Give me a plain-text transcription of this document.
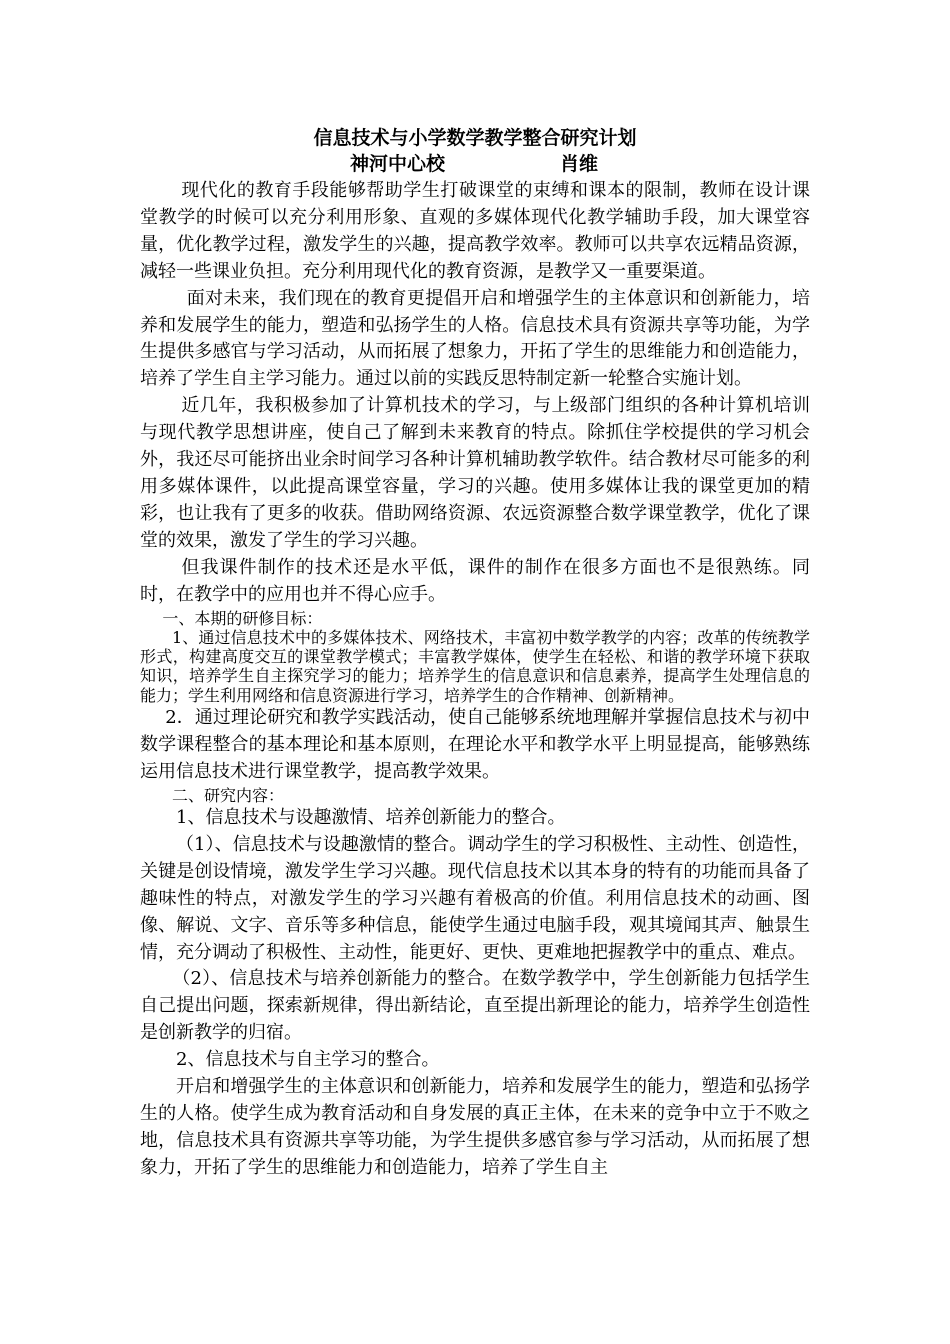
信息技术与小学数学教学整合研究计划
神河中心校	肖维

现代化的教育手段能够帮助学生打破课堂的束缚和课本的限制，教师在设计课堂教学的时候可以充分利用形象、直观的多媒体现代化教学辅助手段，加大课堂容量，优化教学过程，激发学生的兴趣，提高教学效率。教师可以共享农远精品资源，减轻一些课业负担。充分利用现代化的教育资源，是教学又一重要渠道。

面对未来，我们现在的教育更提倡开启和增强学生的主体意识和创新能力，培养和发展学生的能力，塑造和弘扬学生的人格。信息技术具有资源共享等功能，为学生提供多感官与学习活动，从而拓展了想象力，开拓了学生的思维能力和创造能力，培养了学生自主学习能力。通过以前的实践反思特制定新一轮整合实施计划。

近几年，我积极参加了计算机技术的学习，与上级部门组织的各种计算机培训与现代教学思想讲座，使自己了解到未来教育的特点。除抓住学校提供的学习机会外，我还尽可能挤出业余时间学习各种计算机辅助教学软件。结合教材尽可能多的利用多媒体课件，以此提高课堂容量，学习的兴趣。使用多媒体让我的课堂更加的精彩，也让我有了更多的收获。借助网络资源、农远资源整合数学课堂教学，优化了课堂的效果，激发了学生的学习兴趣。

但我课件制作的技术还是水平低，课件的制作在很多方面也不是很熟练。同时，在教学中的应用也并不得心应手。

一、本期的研修目标：

1、通过信息技术中的多媒体技术、网络技术，丰富初中数学教学的内容；改革的传统教学形式，构建高度交互的课堂教学模式；丰富教学媒体，使学生在轻松、和谐的教学环境下获取知识，培养学生自主探究学习的能力；培养学生的信息意识和信息素养，提高学生处理信息的能力；学生利用网络和信息资源进行学习，培养学生的合作精神、创新精神。

2．通过理论研究和教学实践活动，使自己能够系统地理解并掌握信息技术与初中数学课程整合的基本理论和基本原则，在理论水平和教学水平上明显提高，能够熟练运用信息技术进行课堂教学，提高教学效果。

二、研究内容：

1、信息技术与设趣激情、培养创新能力的整合。

（1）、信息技术与设趣激情的整合。调动学生的学习积极性、主动性、创造性，关键是创设情境，激发学生学习兴趣。现代信息技术以其本身的特有的功能而具备了趣味性的特点，对激发学生的学习兴趣有着极高的价值。利用信息技术的动画、图像、解说、文字、音乐等多种信息，能使学生通过电脑手段，观其境闻其声、触景生情，充分调动了积极性、主动性，能更好、更快、更难地把握教学中的重点、难点。

（2）、信息技术与培养创新能力的整合。在数学教学中，学生创新能力包括学生自己提出问题，探索新规律，得出新结论，直至提出新理论的能力，培养学生创造性是创新教学的归宿。

2、信息技术与自主学习的整合。

开启和增强学生的主体意识和创新能力，培养和发展学生的能力，塑造和弘扬学生的人格。使学生成为教育活动和自身发展的真正主体，在未来的竞争中立于不败之地，信息技术具有资源共享等功能，为学生提供多感官参与学习活动，从而拓展了想象力，开拓了学生的思维能力和创造能力，培养了学生自主
